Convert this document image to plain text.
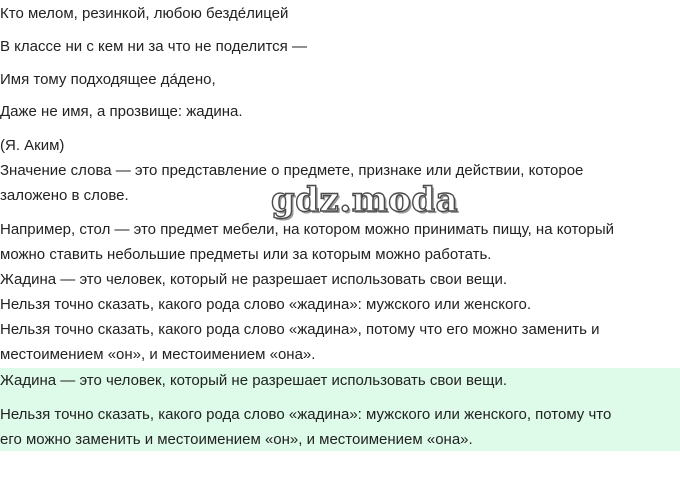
Кто мелом, резинкой, любою безде́лицей
В классе ни с кем ни за что не поделится —
Имя тому подходящее да́дено,
Даже не имя, а прозвище: жадина.
(Я. Аким)
Значение слова — это представление о предмете, признаке или действии, которое
заложено в слове.
Например, стол — это предмет мебели, на котором можно принимать пищу, на который
можно ставить небольшие предметы или за которым можно работать.
Жадина — это человек, который не разрешает использовать свои вещи.
Нельзя точно сказать, какого рода слово «жадина»: мужского или женского.
Нельзя точно сказать, какого рода слово «жадина», потому что его можно заменить и
местоимением «он», и местоимением «она».
Жадина — это человек, который не разрешает использовать свои вещи.
Нельзя точно сказать, какого рода слово «жадина»: мужского или женского, потому что
его можно заменить и местоимением «он», и местоимением «она».
gdz.moda
